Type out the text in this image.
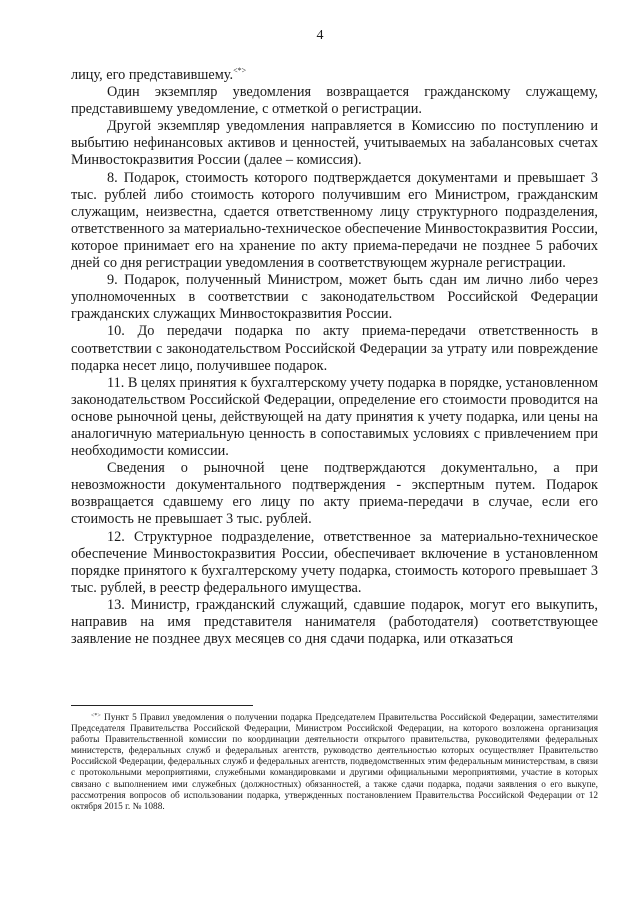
4

лицу, его представившему.<*>

Один экземпляр уведомления возвращается гражданскому служащему, представившему уведомление, с отметкой о регистрации.

Другой экземпляр уведомления направляется в Комиссию по поступлению и выбытию нефинансовых активов и ценностей, учитываемых на забалансовых счетах Минвостокразвития России (далее – комиссия).

8. Подарок, стоимость которого подтверждается документами и превышает 3 тыс. рублей либо стоимость которого получившим его Министром, гражданским служащим, неизвестна, сдается ответственному лицу структурного подразделения, ответственного за материально-техническое обеспечение Минвостокразвития России, которое принимает его на хранение по акту приема-передачи не позднее 5 рабочих дней со дня регистрации уведомления в соответствующем журнале регистрации.

9. Подарок, полученный Министром, может быть сдан им лично либо через уполномоченных в соответствии с законодательством Российской Федерации гражданских служащих Минвостокразвития России.

10. До передачи подарка по акту приема-передачи ответственность в соответствии с законодательством Российской Федерации за утрату или повреждение подарка несет лицо, получившее подарок.

11. В целях принятия к бухгалтерскому учету подарка в порядке, установленном законодательством Российской Федерации, определение его стоимости проводится на основе рыночной цены, действующей на дату принятия к учету подарка, или цены на аналогичную материальную ценность в сопоставимых условиях с привлечением при необходимости комиссии.

Сведения о рыночной цене подтверждаются документально, а при невозможности документального подтверждения - экспертным путем. Подарок возвращается сдавшему его лицу по акту приема-передачи в случае, если его стоимость не превышает 3 тыс. рублей.

12. Структурное подразделение, ответственное за материально-техническое обеспечение Минвостокразвития России, обеспечивает включение в установленном порядке принятого к бухгалтерскому учету подарка, стоимость которого превышает 3 тыс. рублей, в реестр федерального имущества.

13. Министр, гражданский служащий, сдавшие подарок, могут его выкупить, направив на имя представителя нанимателя (работодателя) соответствующее заявление не позднее двух месяцев со дня сдачи подарка, или отказаться

<*> Пункт 5 Правил уведомления о получении подарка Председателем Правительства Российской Федерации, заместителями Председателя Правительства Российской Федерации, Министром Российской Федерации, на которого возложена организация работы Правительственной комиссии по координации деятельности открытого правительства, руководителями федеральных министерств, федеральных служб и федеральных агентств, руководство деятельностью которых осуществляет Правительство Российской Федерации, федеральных служб и федеральных агентств, подведомственных этим федеральным министерствам, в связи с протокольными мероприятиями, служебными командировками и другими официальными мероприятиями, участие в которых связано с выполнением ими служебных (должностных) обязанностей, а также сдачи подарка, подачи заявления о его выкупе, рассмотрения вопросов об использовании подарка, утвержденных постановлением Правительства Российской Федерации от 12 октября 2015 г. № 1088.
